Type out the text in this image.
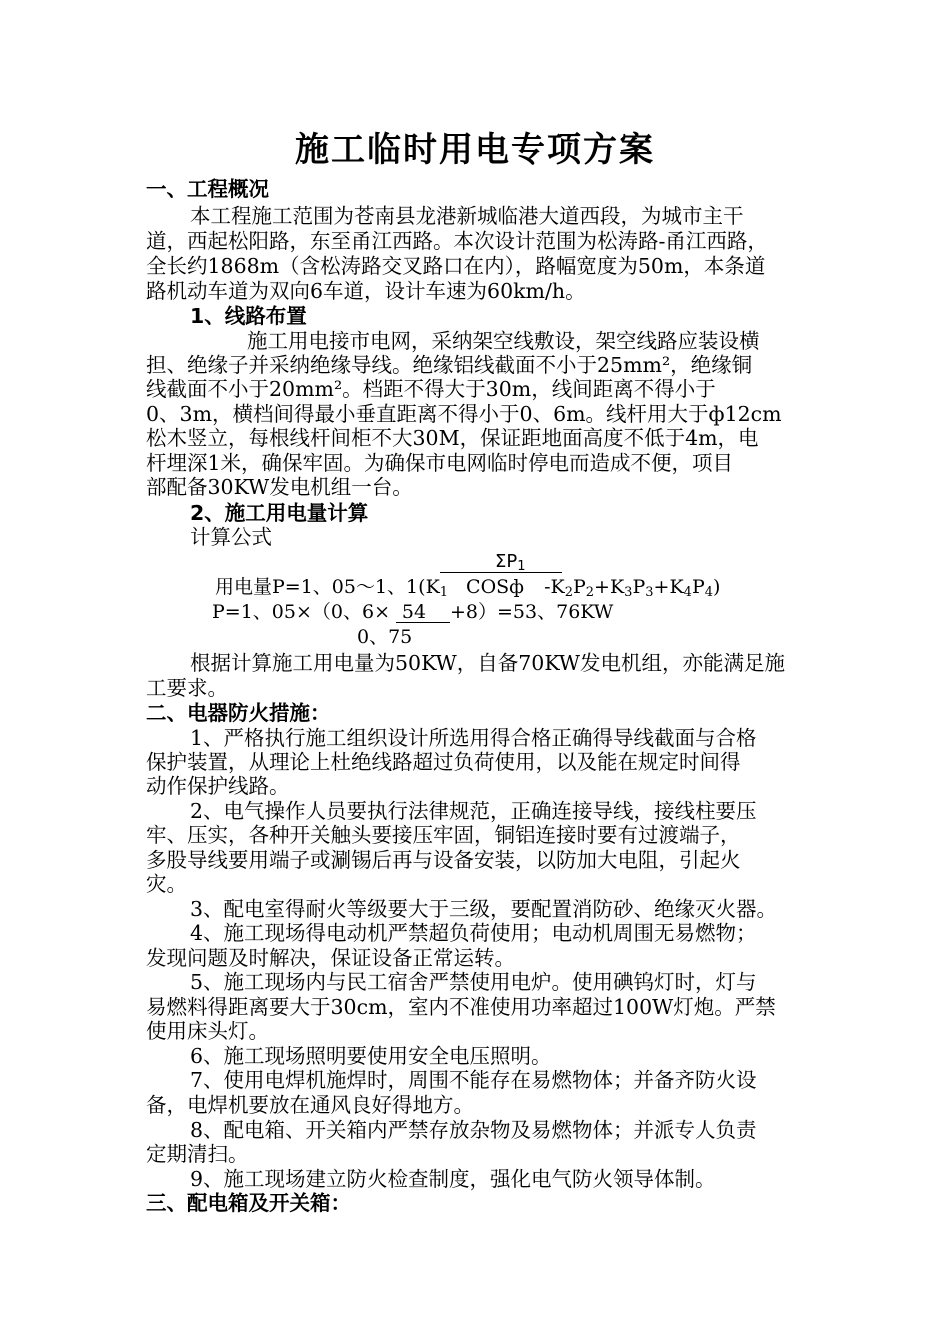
施工临时用电专项方案
一、工程概况
本工程施工范围为苍南县龙港新城临港大道西段，为城市主干
道，西起松阳路，东至甬江西路。本次设计范围为松涛路-甬江西路，
全长约1868m（含松涛路交叉路口在内），路幅宽度为50m，本条道
路机动车道为双向6车道，设计车速为60km/h。
1、线路布置
施工用电接市电网，采纳架空线敷设，架空线路应装设横
担、绝缘子并采纳绝缘导线。绝缘铝线截面不小于25mm²，绝缘铜
线截面不小于20mm²。档距不得大于30m，线间距离不得小于
0、3m，横档间得最小垂直距离不得小于0、6m。线杆用大于ф12cm
松木竖立，每根线杆间柜不大30M，保证距地面高度不低于4m，电
杆埋深1米，确保牢固。为确保市电网临时停电而造成不便，项目
部配备30KW发电机组一台。
2、施工用电量计算
计算公式
$\Sigma P_1$
用电量P=1、05～1、$1(K_1$ COSф $-K_2P_2+K_3P_3+K_4P_4$)
P=1、05×（0、6× 54 +8）=53、76KW
0、75
根据计算施工用电量为50KW，自备70KW发电机组，亦能满足施
工要求。
二、电器防火措施：
1、严格执行施工组织设计所选用得合格正确得导线截面与合格
保护装置，从理论上杜绝线路超过负荷使用，以及能在规定时间得
动作保护线路。
2、电气操作人员要执行法律规范，正确连接导线，接线柱要压
牢、压实，各种开关触头要接压牢固，铜铝连接时要有过渡端子，
多股导线要用端子或涮锡后再与设备安装，以防加大电阻，引起火
灾。
3、配电室得耐火等级要大于三级，要配置消防砂、绝缘灭火器。
4、施工现场得电动机严禁超负荷使用；电动机周围无易燃物；
发现问题及时解决，保证设备正常运转。
5、施工现场内与民工宿舍严禁使用电炉。使用碘钨灯时，灯与
易燃料得距离要大于30cm，室内不准使用功率超过100W灯炮。严禁
使用床头灯。
6、施工现场照明要使用安全电压照明。
7、使用电焊机施焊时，周围不能存在易燃物体；并备齐防火设
备，电焊机要放在通风良好得地方。
8、配电箱、开关箱内严禁存放杂物及易燃物体；并派专人负责
定期清扫。
9、施工现场建立防火检查制度，强化电气防火领导体制。
三、配电箱及开关箱：
